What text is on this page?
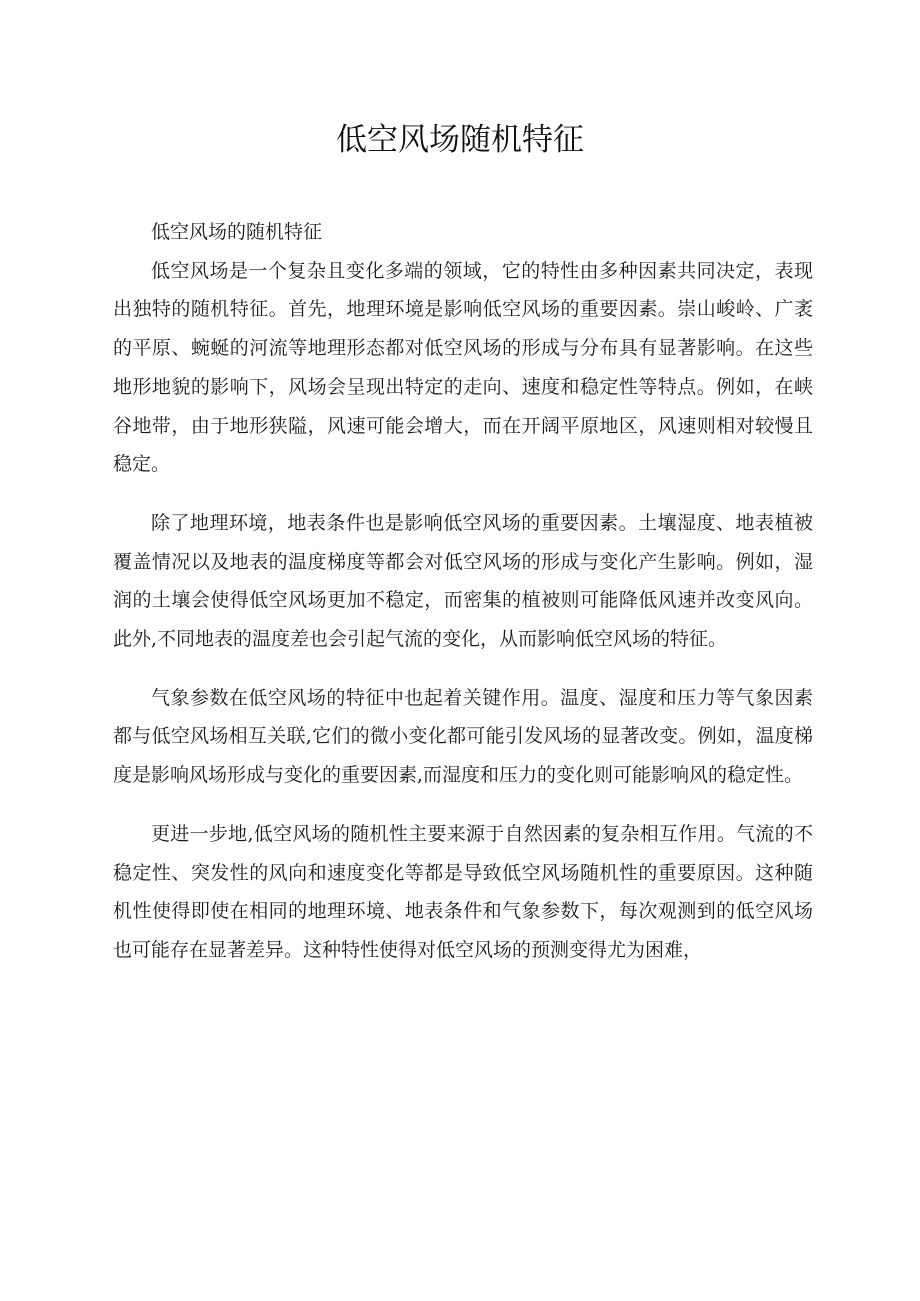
低空风场随机特征

低空风场的随机特征

低空风场是一个复杂且变化多端的领域，它的特性由多种因素共同决定，表现出独特的随机特征。首先，地理环境是影响低空风场的重要因素。崇山峻岭、广袤的平原、蜿蜒的河流等地理形态都对低空风场的形成与分布具有显著影响。在这些地形地貌的影响下，风场会呈现出特定的走向、速度和稳定性等特点。例如，在峡谷地带，由于地形狭隘，风速可能会增大，而在开阔平原地区，风速则相对较慢且稳定。

除了地理环境，地表条件也是影响低空风场的重要因素。土壤湿度、地表植被覆盖情况以及地表的温度梯度等都会对低空风场的形成与变化产生影响。例如，湿润的土壤会使得低空风场更加不稳定，而密集的植被则可能降低风速并改变风向。此外,不同地表的温度差也会引起气流的变化，从而影响低空风场的特征。

气象参数在低空风场的特征中也起着关键作用。温度、湿度和压力等气象因素都与低空风场相互关联,它们的微小变化都可能引发风场的显著改变。例如，温度梯度是影响风场形成与变化的重要因素,而湿度和压力的变化则可能影响风的稳定性。

更进一步地,低空风场的随机性主要来源于自然因素的复杂相互作用。气流的不稳定性、突发性的风向和速度变化等都是导致低空风场随机性的重要原因。这种随机性使得即使在相同的地理环境、地表条件和气象参数下，每次观测到的低空风场也可能存在显著差异。这种特性使得对低空风场的预测变得尤为困难，
